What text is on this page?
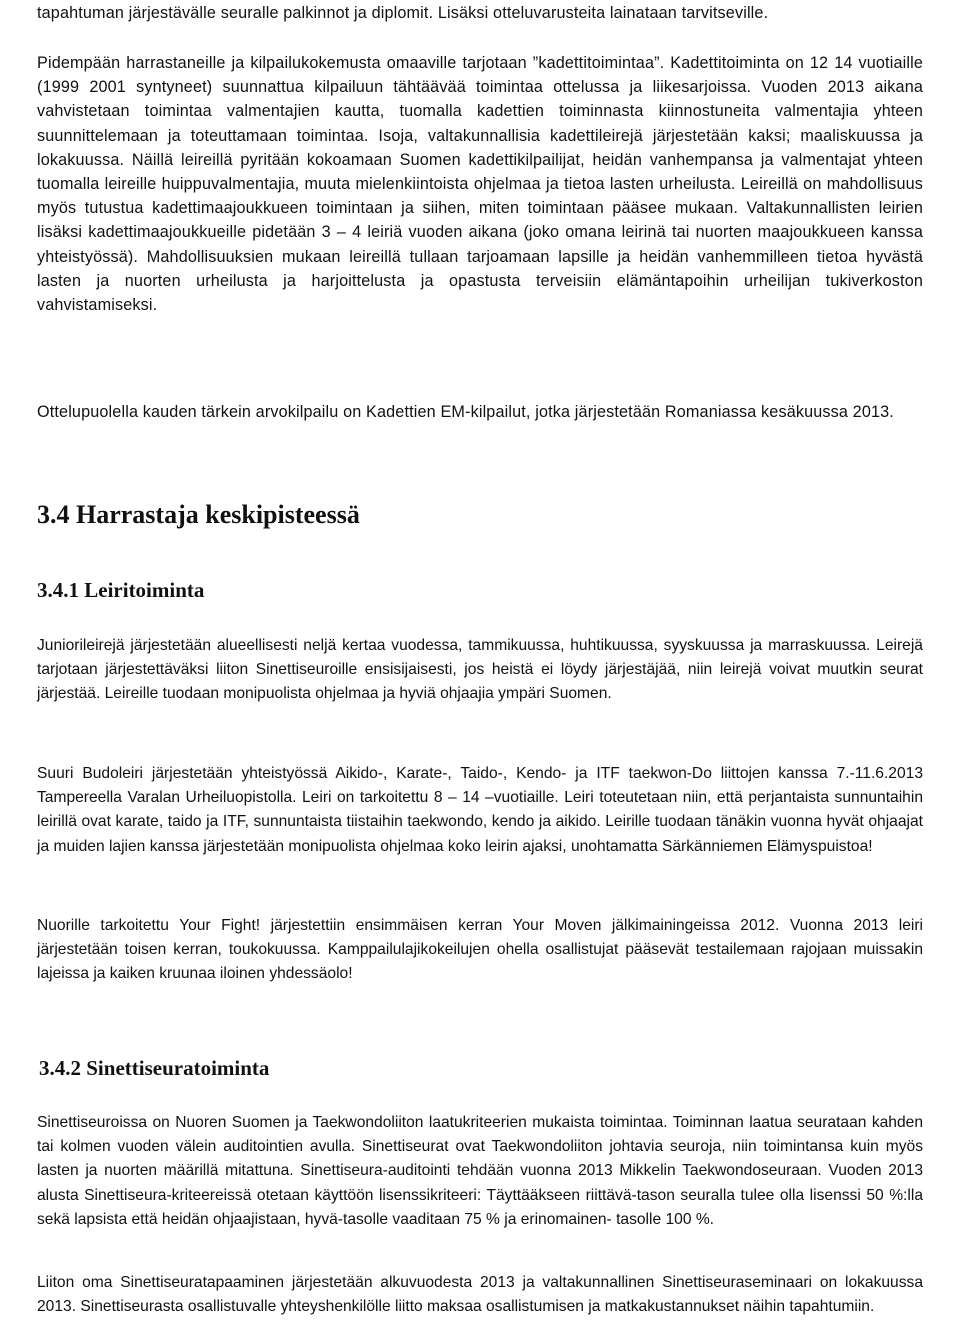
tapahtuman järjestävälle seuralle palkinnot ja diplomit. Lisäksi otteluvarusteita lainataan tarvitseville.

Pidempään harrastaneille ja kilpailukokemusta omaaville tarjotaan ”kadettitoimintaa”. Kadettitoiminta on 12 14 vuotiaille (1999 2001 syntyneet) suunnattua kilpailuun tähtäävää toimintaa ottelussa ja liikesarjoissa. Vuoden 2013 aikana vahvistetaan toimintaa valmentajien kautta, tuomalla kadettien toiminnasta kiinnostuneita valmentajia yhteen suunnittelemaan ja toteuttamaan toimintaa. Isoja, valtakunnallisia kadettileirejä järjestetään kaksi; maaliskuussa ja lokakuussa. Näillä leireillä pyritään kokoamaan Suomen kadettikilpailijat, heidän vanhempansa ja valmentajat yhteen tuomalla leireille huippuvalmentajia, muuta mielenkiintoista ohjelmaa ja tietoa lasten urheilusta. Leireillä on mahdollisuus myös tutustua kadettimaajoukkueen toimintaan ja siihen, miten toimintaan pääsee mukaan. Valtakunnallisten leirien lisäksi kadettimaajoukkueille pidetään 3 – 4 leiriä vuoden aikana (joko omana leirinä tai nuorten maajoukkueen kanssa yhteistyössä). Mahdollisuuksien mukaan leireillä tullaan tarjoamaan lapsille ja heidän vanhemmilleen tietoa hyvästä lasten ja nuorten urheilusta ja harjoittelusta ja opastusta terveisiin elämäntapoihin urheilijan tukiverkoston vahvistamiseksi.

Ottelupuolella kauden tärkein arvokilpailu on Kadettien EM-kilpailut, jotka järjestetään Romaniassa kesäkuussa 2013.

3.4 Harrastaja keskipisteessä
3.4.1 Leiritoiminta

Juniorileirejä järjestetään alueellisesti neljä kertaa vuodessa, tammikuussa, huhtikuussa, syyskuussa ja marraskuussa. Leirejä tarjotaan järjestettäväksi liiton Sinettiseuroille ensisijaisesti, jos heistä ei löydy järjestäjää, niin leirejä voivat muutkin seurat järjestää. Leireille tuodaan monipuolista ohjelmaa ja hyviä ohjaajia ympäri Suomen.

Suuri Budoleiri järjestetään yhteistyössä Aikido-, Karate-, Taido-, Kendo- ja ITF taekwon-Do liittojen kanssa 7.-11.6.2013 Tampereella Varalan Urheiluopistolla. Leiri on tarkoitettu 8 – 14 –vuotiaille. Leiri toteutetaan niin, että perjantaista sunnuntaihin leirillä ovat karate, taido ja ITF, sunnuntaista tiistaihin taekwondo, kendo ja aikido. Leirille tuodaan tänäkin vuonna hyvät ohjaajat ja muiden lajien kanssa järjestetään monipuolista ohjelmaa koko leirin ajaksi, unohtamatta Särkänniemen Elämyspuistoa!

Nuorille tarkoitettu Your Fight! järjestettiin ensimmäisen kerran Your Moven jälkimainingeissa 2012. Vuonna 2013 leiri järjestetään toisen kerran, toukokuussa. Kamppailulajikokeilujen ohella osallistujat pääsevät testailemaan rajojaan muissakin lajeissa ja kaiken kruunaa iloinen yhdessäolo!

3.4.2 Sinettiseuratoiminta

Sinettiseuroissa on Nuoren Suomen ja Taekwondoliiton laatukriteerien mukaista toimintaa. Toiminnan laatua seurataan kahden tai kolmen vuoden välein auditointien avulla. Sinettiseurat ovat Taekwondoliiton johtavia seuroja, niin toimintansa kuin myös lasten ja nuorten määrillä mitattuna. Sinettiseura-auditointi tehdään vuonna 2013 Mikkelin Taekwondoseuraan. Vuoden 2013 alusta Sinettiseura-kriteereissä otetaan käyttöön lisenssikriteeri: Täyttääkseen riittävä-tason seuralla tulee olla lisenssi 50 %:lla sekä lapsista että heidän ohjaajistaan, hyvä-tasolle vaaditaan 75 % ja erinomainen- tasolle 100 %.

Liiton oma Sinettiseuratapaaminen järjestetään alkuvuodesta 2013 ja valtakunnallinen Sinettiseuraseminaari on lokakuussa 2013. Sinettiseurasta osallistuvalle yhteyshenkilölle liitto maksaa osallistumisen ja matkakustannukset näihin tapahtumiin.
